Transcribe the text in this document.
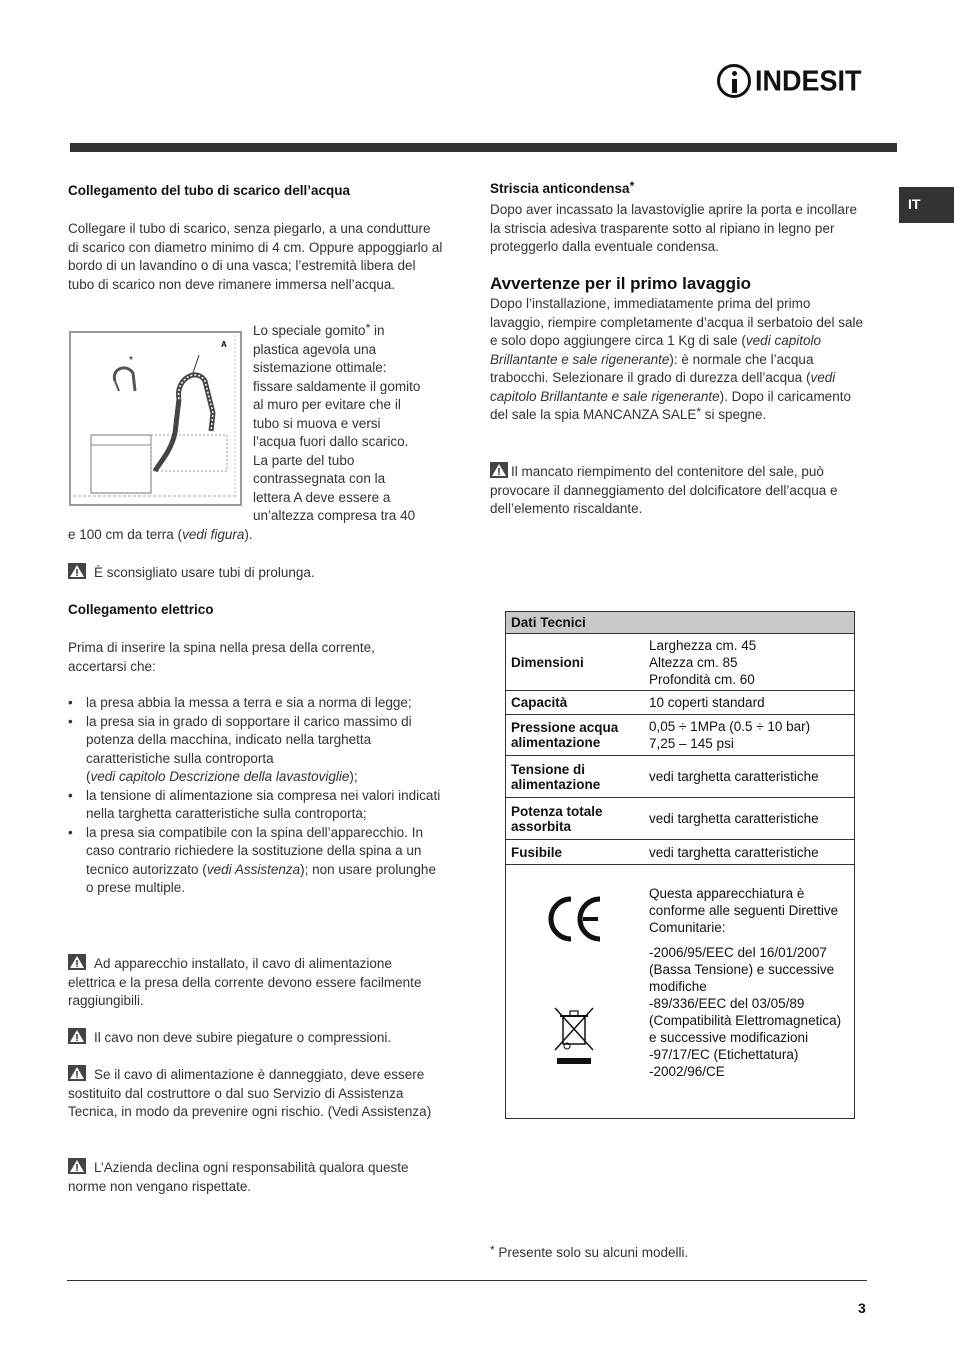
INDESIT
IT
Collegamento del tubo di scarico dell’acqua
Collegare il tubo di scarico, senza piegarlo, a una condutture di scarico con diametro minimo di 4 cm. Oppure appoggiarlo al bordo di un lavandino o di una vasca; l’estremità libera del tubo di scarico non deve rimanere immersa nell’acqua.
A
*
Lo speciale gomito* in
plastica agevola una
sistemazione ottimale:
fissare saldamente il gomito
al muro per evitare che il
tubo si muova e versi
l’acqua fuori dallo scarico.
La parte del tubo
contrassegnata con la
lettera A deve essere a
un’altezza compresa tra 40
e 100 cm da terra (vedi figura).
È sconsigliato usare tubi di prolunga.
Collegamento elettrico
Prima di inserire la spina nella presa della corrente, accertarsi che:
• la presa abbia la messa a terra e sia a norma di legge;
• la presa sia in grado di sopportare il carico massimo di potenza della macchina, indicato nella targhetta caratteristiche sulla controporta
(vedi capitolo Descrizione della lavastoviglie);
• la tensione di alimentazione sia compresa nei valori indicati nella targhetta caratteristiche sulla controporta;
• la presa sia compatibile con la spina dell’apparecchio. In caso contrario richiedere la sostituzione della spina a un tecnico autorizzato (vedi Assistenza); non usare prolunghe o prese multiple.
Ad apparecchio installato, il cavo di alimentazione elettrica e la presa della corrente devono essere facilmente raggiungibili.
Il cavo non deve subire piegature o compressioni.
Se il cavo di alimentazione è danneggiato, deve essere sostituito dal costruttore o dal suo Servizio di Assistenza Tecnica, in modo da prevenire ogni rischio. (Vedi Assistenza)
L’Azienda declina ogni responsabilità qualora queste norme non vengano rispettate.
Striscia anticondensa*
Dopo aver incassato la lavastoviglie aprire la porta e incollare la striscia adesiva trasparente sotto al ripiano in legno per proteggerlo dalla eventuale condensa.
Avvertenze per il primo lavaggio
Dopo l’installazione, immediatamente prima del primo lavaggio, riempire completamente d’acqua il serbatoio del sale e solo dopo aggiungere circa 1 Kg di sale (vedi capitolo Brillantante e sale rigenerante): è normale che l’acqua trabocchi. Selezionare il grado di durezza dell’acqua (vedi capitolo Brillantante e sale rigenerante). Dopo il caricamento del sale la spia MANCANZA SALE* si spegne.
Il mancato riempimento del contenitore del sale, può provocare il danneggiamento del dolcificatore dell’acqua e dell’elemento riscaldante.
Dati Tecnici	
Dimensioni	Larghezza cm. 45
Altezza cm. 85
Profondità cm. 60

Capacità	10 coperti standard
Pressione acqua alimentazione	0,05 ÷ 1MPa (0.5 ÷ 10 bar)
7,25 – 145 psi

Tensione di alimentazione	vedi targhetta caratteristiche
Potenza totale assorbita	vedi targhetta caratteristiche
Fusibile	vedi targhetta caratteristiche

Questa apparecchiatura è conforme alle seguenti Direttive Comunitarie:
-2006/95/EEC del 16/01/2007 (Bassa Tensione) e successive modifiche
-89/336/EEC del 03/05/89 (Compatibilità Elettromagnetica) e successive modificazioni
-97/17/EC (Etichettatura)
-2002/96/CE
* Presente solo su alcuni modelli.
3
